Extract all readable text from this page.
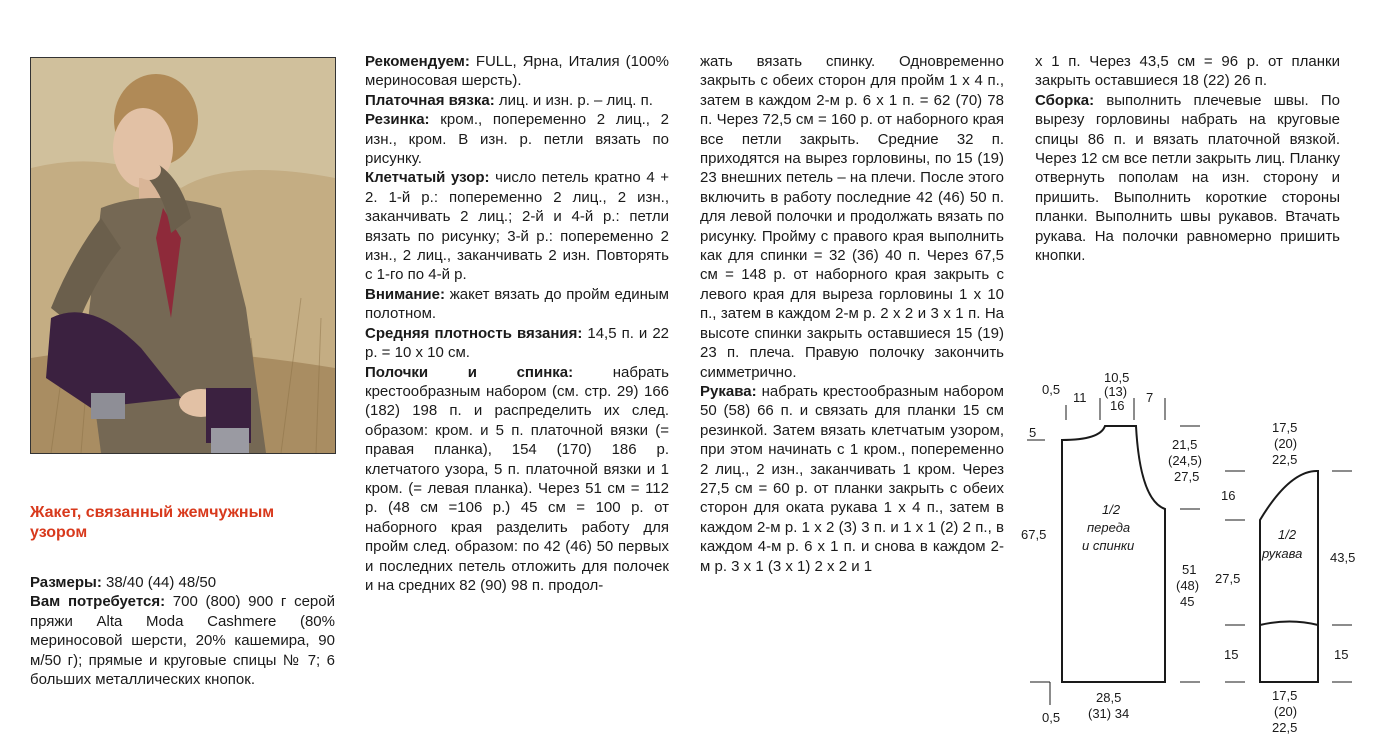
Жакет, связанный жемчужным узором

Размеры: 38/40 (44) 48/50

Вам потребуется: 700 (800) 900 г серой пряжи Alta Moda Cashmere (80% мериносовой шерсти, 20% кашемира, 90 м/50 г); прямые и круговые спицы № 7; 6 больших металлических кнопок.

Рекомендуем: FULL, Ярна, Италия (100% мериносовая шерсть).

Платочная вязка: лиц. и изн. р. – лиц. п.

Резинка: кром., попеременно 2 лиц., 2 изн., кром. В изн. р. петли вязать по рисунку.

Клетчатый узор: число петель кратно 4 + 2. 1-й р.: попеременно 2 лиц., 2 изн., заканчивать 2 лиц.; 2-й и 4-й р.: петли вязать по рисунку; 3-й р.: попеременно 2 изн., 2 лиц., заканчивать 2 изн. Повторять с 1-го по 4-й р.

Внимание: жакет вязать до пройм единым полотном.

Средняя плотность вязания: 14,5 п. и 22 р. = 10 х 10 см.

Полочки и спинка: набрать крестообразным набором (см. стр. 29) 166 (182) 198 п. и распределить их след. образом: кром. и 5 п. платочной вязки (= правая планка), 154 (170) 186 р. клетчатого узора, 5 п. платочной вязки и 1 кром. (= левая планка). Через 51 см = 112 р. (48 см =106 р.) 45 см = 100 р. от наборного края разделить работу для пройм след. образом: по 42 (46) 50 первых и последних петель отложить для полочек и на средних 82 (90) 98 п. продол-

жать вязать спинку. Одновременно закрыть с обеих сторон для пройм 1 х 4 п., затем в каждом 2-м р. 6 х 1 п. = 62 (70) 78 п. Через 72,5 см = 160 р. от наборного края все петли закрыть. Средние 32 п. приходятся на вырез горловины, по 15 (19) 23 внешних петель – на плечи. После этого включить в работу последние 42 (46) 50 п. для левой полочки и продолжать вязать по рисунку. Пройму с правого края выполнить как для спинки = 32 (36) 40 п. Через 67,5 см = 148 р. от наборного края закрыть с левого края для выреза горловины 1 х 10 п., затем в каждом 2-м р. 2 х 2 и 3 х 1 п. На высоте спинки закрыть оставшиеся 15 (19) 23 п. плеча. Правую полочку закончить симметрично.

Рукава: набрать крестообразным набором 50 (58) 66 п. и связать для планки 15 см резинкой. Затем вязать клетчатым узором, при этом начинать с 1 кром., попеременно 2 лиц., 2 изн., заканчивать 1 кром. Через 27,5 см = 60 р. от планки закрыть с обеих сторон для оката рукава 1 х 4 п., затем в каждом 2-м р. 1 х 2 (3) 3 п. и 1 х 1 (2) 2 п., в каждом 4-м р. 6 х 1 п. и снова в каждом 2-м р. 3 х 1 (3 х 1) 2 х 2 и 1

х 1 п. Через 43,5 см = 96 р. от планки закрыть оставшиеся 18 (22) 26 п.

Сборка: выполнить плечевые швы. По вырезу горловины набрать на круговые спицы 86 п. и вязать платочной вязкой. Через 12 см все петли закрыть лиц. Планку отвернуть пополам на изн. сторону и пришить. Выполнить короткие стороны планки. Выполнить швы рукавов. Втачать рукава. На полочки равномерно пришить кнопки.

0,5
11
10,5
(13)
16
7
5
21,5
(24,5)
27,5
67,5
1/2
переда
и спинки
51
(48)
45
28,5
(31) 34
0,5
17,5
(20)
22,5
16
1/2
рукава
27,5
43,5
15	15
17,5
(20)
22,5
